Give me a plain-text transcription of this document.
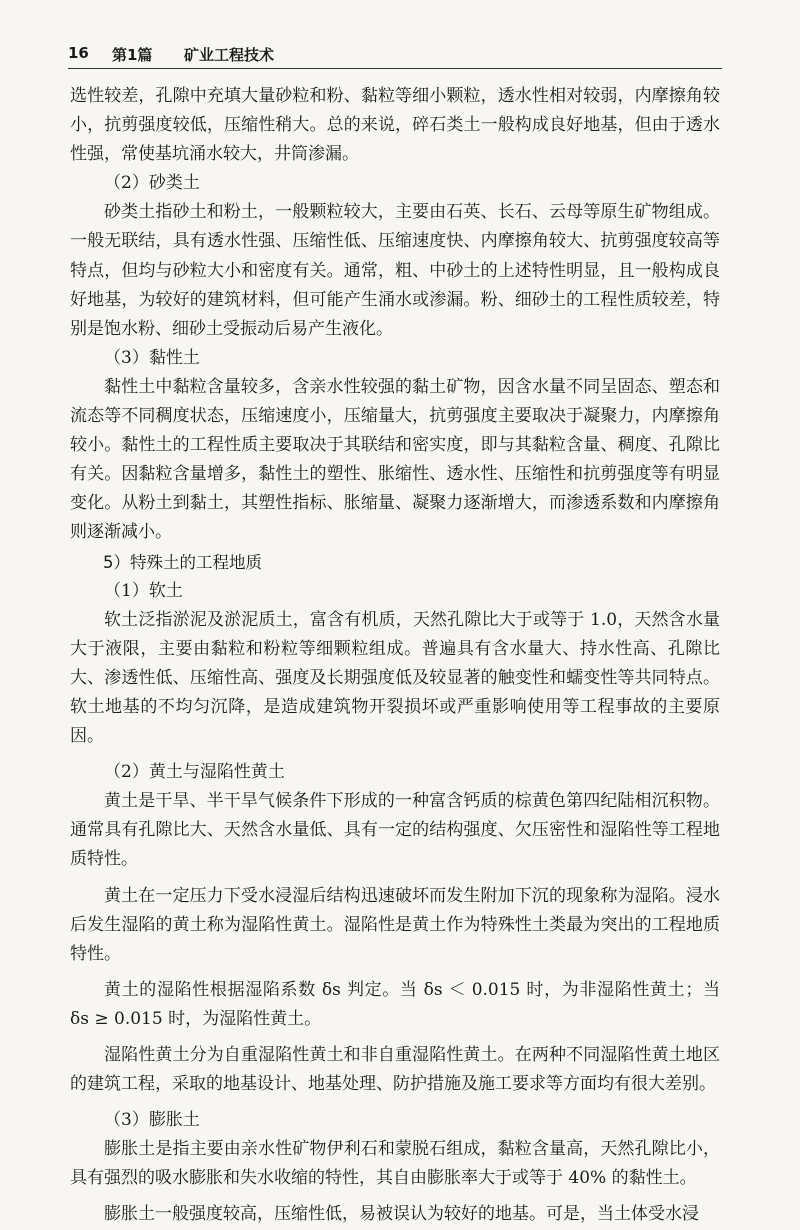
16 第1篇 矿业工程技术

选性较差，孔隙中充填大量砂粒和粉、黏粒等细小颗粒，透水性相对较弱，内摩擦角较小，抗剪强度较低，压缩性稍大。总的来说，碎石类土一般构成良好地基，但由于透水性强，常使基坑涌水较大，井筒渗漏。

（2）砂类土

砂类土指砂土和粉土，一般颗粒较大，主要由石英、长石、云母等原生矿物组成。一般无联结，具有透水性强、压缩性低、压缩速度快、内摩擦角较大、抗剪强度较高等特点，但均与砂粒大小和密度有关。通常，粗、中砂土的上述特性明显，且一般构成良好地基，为较好的建筑材料，但可能产生涌水或渗漏。粉、细砂土的工程性质较差，特别是饱水粉、细砂土受振动后易产生液化。

（3）黏性土

黏性土中黏粒含量较多，含亲水性较强的黏土矿物，因含水量不同呈固态、塑态和流态等不同稠度状态，压缩速度小，压缩量大，抗剪强度主要取决于凝聚力，内摩擦角较小。黏性土的工程性质主要取决于其联结和密实度，即与其黏粒含量、稠度、孔隙比有关。因黏粒含量增多，黏性土的塑性、胀缩性、透水性、压缩性和抗剪强度等有明显变化。从粉土到黏土，其塑性指标、胀缩量、凝聚力逐渐增大，而渗透系数和内摩擦角则逐渐减小。

5）特殊土的工程地质

（1）软土

软土泛指淤泥及淤泥质土，富含有机质，天然孔隙比大于或等于 1.0，天然含水量大于液限，主要由黏粒和粉粒等细颗粒组成。普遍具有含水量大、持水性高、孔隙比大、渗透性低、压缩性高、强度及长期强度低及较显著的触变性和蠕变性等共同特点。软土地基的不均匀沉降，是造成建筑物开裂损坏或严重影响使用等工程事故的主要原因。

（2）黄土与湿陷性黄土

黄土是干旱、半干旱气候条件下形成的一种富含钙质的棕黄色第四纪陆相沉积物。通常具有孔隙比大、天然含水量低、具有一定的结构强度、欠压密性和湿陷性等工程地质特性。

黄土在一定压力下受水浸湿后结构迅速破坏而发生附加下沉的现象称为湿陷。浸水后发生湿陷的黄土称为湿陷性黄土。湿陷性是黄土作为特殊性土类最为突出的工程地质特性。

黄土的湿陷性根据湿陷系数 δs 判定。当 δs ＜ 0.015 时，为非湿陷性黄土；当 δs ≥ 0.015 时，为湿陷性黄土。

湿陷性黄土分为自重湿陷性黄土和非自重湿陷性黄土。在两种不同湿陷性黄土地区的建筑工程，采取的地基设计、地基处理、防护措施及施工要求等方面均有很大差别。

（3）膨胀土

膨胀土是指主要由亲水性矿物伊利石和蒙脱石组成，黏粒含量高，天然孔隙比小，具有强烈的吸水膨胀和失水收缩的特性，其自由膨胀率大于或等于 40% 的黏性土。

膨胀土一般强度较高，压缩性低，易被误认为较好的地基。可是，当土体受水浸
